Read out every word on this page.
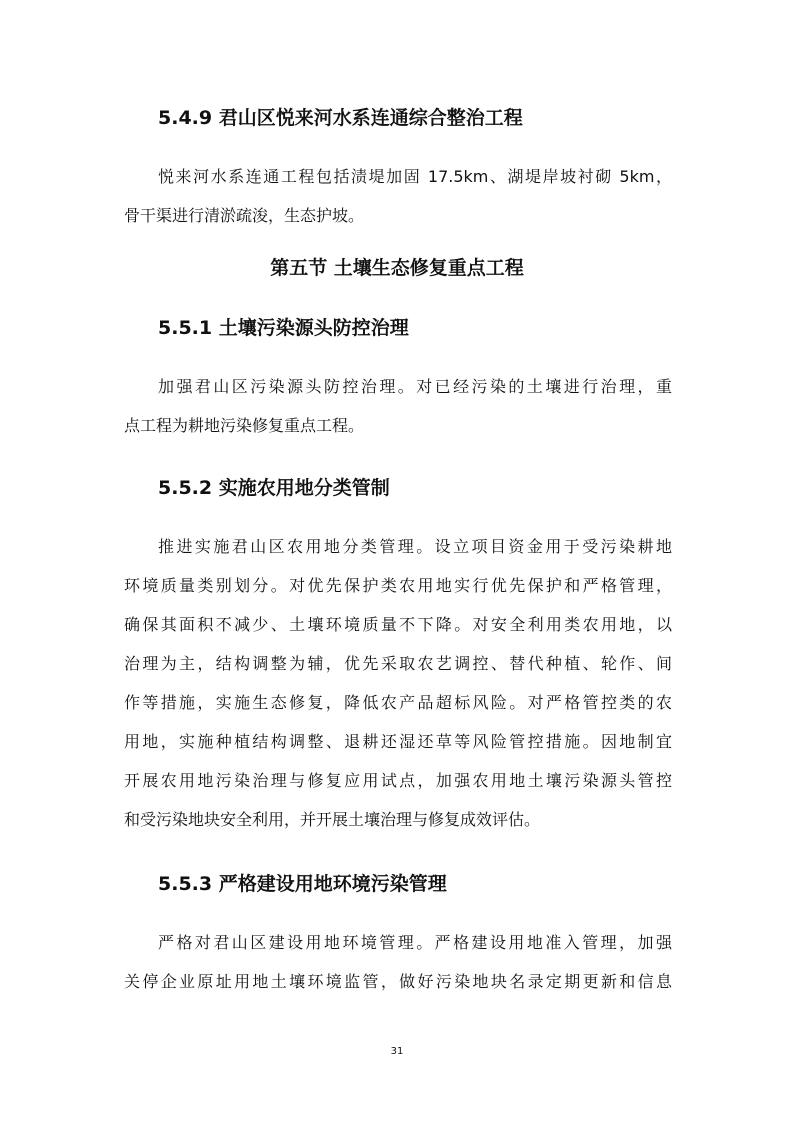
5.4.9 君山区悦来河水系连通综合整治工程
悦来河水系连通工程包括渍堤加固 17.5km、湖堤岸坡衬砌 5km，
骨干渠进行清淤疏浚，生态护坡。
第五节 土壤生态修复重点工程
5.5.1 土壤污染源头防控治理
加强君山区污染源头防控治理。对已经污染的土壤进行治理，重
点工程为耕地污染修复重点工程。
5.5.2 实施农用地分类管制
推进实施君山区农用地分类管理。设立项目资金用于受污染耕地
环境质量类别划分。对优先保护类农用地实行优先保护和严格管理，
确保其面积不减少、土壤环境质量不下降。对安全利用类农用地，以
治理为主，结构调整为辅，优先采取农艺调控、替代种植、轮作、间
作等措施，实施生态修复，降低农产品超标风险。对严格管控类的农
用地，实施种植结构调整、退耕还湿还草等风险管控措施。因地制宜
开展农用地污染治理与修复应用试点，加强农用地土壤污染源头管控
和受污染地块安全利用，并开展土壤治理与修复成效评估。
5.5.3 严格建设用地环境污染管理
严格对君山区建设用地环境管理。严格建设用地准入管理，加强
关停企业原址用地土壤环境监管，做好污染地块名录定期更新和信息
31
